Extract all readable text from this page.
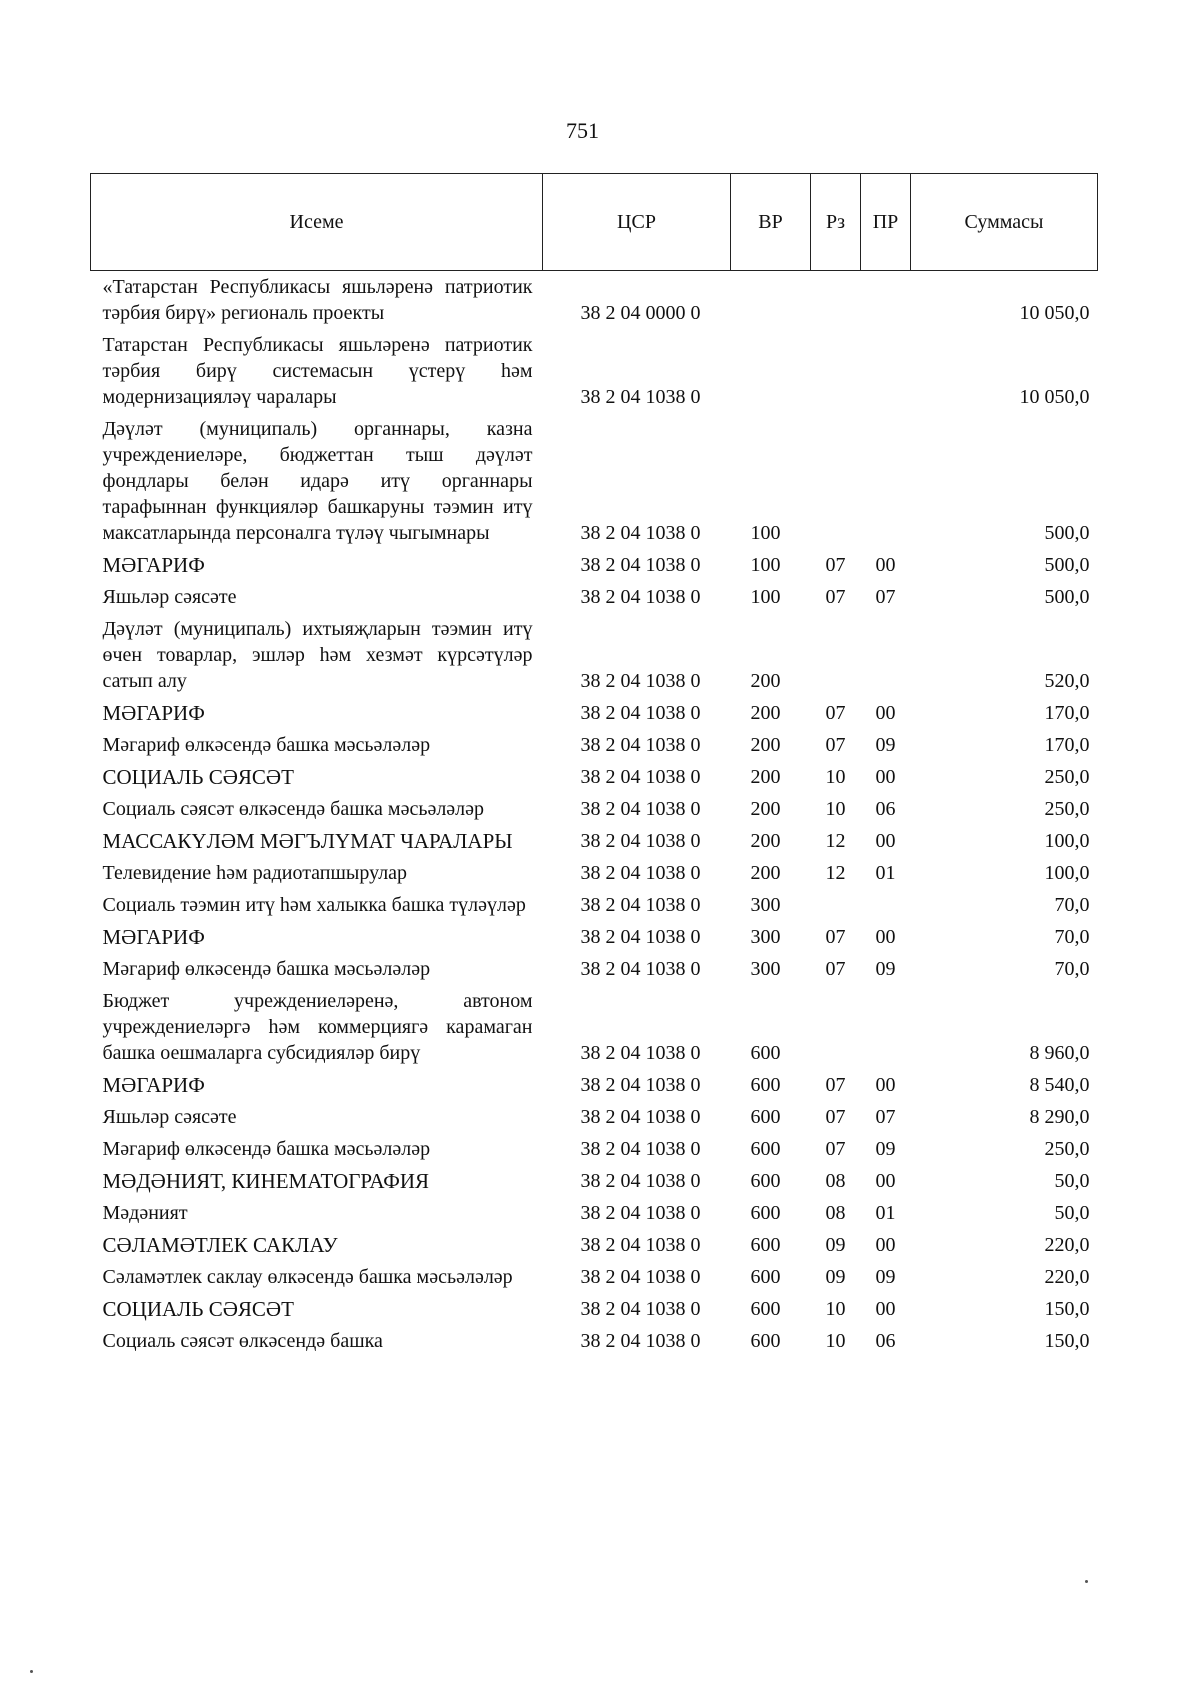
751
Исеме	ЦСР	ВР	Рз	ПР	Суммасы
«Татарстан Республикасы яшьләренә патриотик тәрбия бирү» региональ проекты	38 2 04 0000 0				10 050,0
Татарстан Республикасы яшьләренә патриотик тәрбия бирү системасын үстерү һәм модернизацияләү чаралары	38 2 04 1038 0				10 050,0
Дәүләт (муниципаль) органнары, казна учреждениеләре, бюджеттан тыш дәүләт фондлары белән идарә итү органнары тарафыннан функцияләр башкаруны тәэмин итү максатларында персоналга түләү чыгымнары	38 2 04 1038 0	100			500,0
МӘГАРИФ	38 2 04 1038 0	100	07	00	500,0
Яшьләр сәясәте	38 2 04 1038 0	100	07	07	500,0
Дәүләт (муниципаль) ихтыяҗларын тәэмин итү өчен товарлар, эшләр һәм хезмәт күрсәтүләр сатып алу	38 2 04 1038 0	200			520,0
МӘГАРИФ	38 2 04 1038 0	200	07	00	170,0
Мәгариф өлкәсендә башка мәсьәләләр	38 2 04 1038 0	200	07	09	170,0
СОЦИАЛЬ СӘЯСӘТ	38 2 04 1038 0	200	10	00	250,0
Социаль сәясәт өлкәсендә башка мәсьәләләр	38 2 04 1038 0	200	10	06	250,0
МАССАКҮЛӘМ МӘГЪЛҮМАТ ЧАРАЛАРЫ	38 2 04 1038 0	200	12	00	100,0
Телевидение һәм радиотапшырулар	38 2 04 1038 0	200	12	01	100,0
Социаль тәэмин итү һәм халыкка башка түләүләр	38 2 04 1038 0	300			70,0
МӘГАРИФ	38 2 04 1038 0	300	07	00	70,0
Мәгариф өлкәсендә башка мәсьәләләр	38 2 04 1038 0	300	07	09	70,0
Бюджет учреждениеләренә, автоном учреждениеләргә һәм коммерциягә карамаган башка оешмаларга субсидияләр бирү	38 2 04 1038 0	600			8 960,0
МӘГАРИФ	38 2 04 1038 0	600	07	00	8 540,0
Яшьләр сәясәте	38 2 04 1038 0	600	07	07	8 290,0
Мәгариф өлкәсендә башка мәсьәләләр	38 2 04 1038 0	600	07	09	250,0
МӘДӘНИЯТ, КИНЕМАТОГРАФИЯ	38 2 04 1038 0	600	08	00	50,0
Мәдәният	38 2 04 1038 0	600	08	01	50,0
СӘЛАМӘТЛЕК САКЛАУ	38 2 04 1038 0	600	09	00	220,0
Сәламәтлек саклау өлкәсендә башка мәсьәләләр	38 2 04 1038 0	600	09	09	220,0
СОЦИАЛЬ СӘЯСӘТ	38 2 04 1038 0	600	10	00	150,0
Социаль сәясәт өлкәсендә башка	38 2 04 1038 0	600	10	06	150,0
